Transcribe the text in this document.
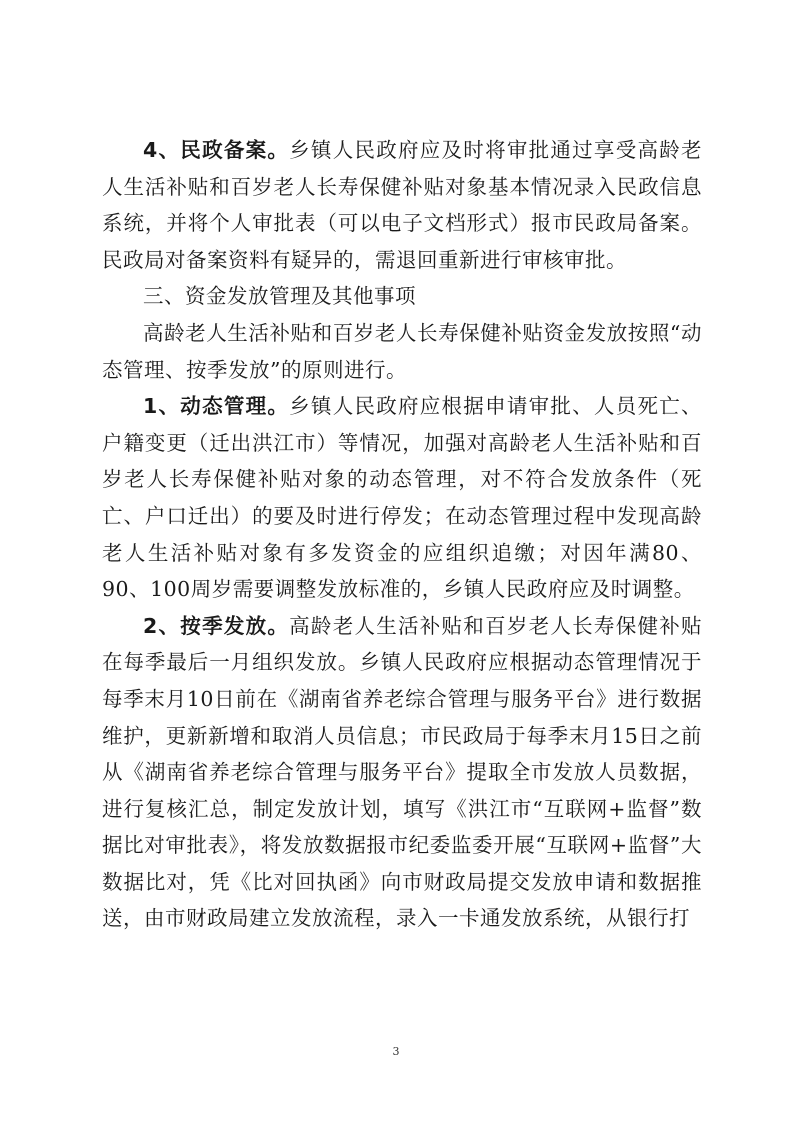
4、民政备案。乡镇人民政府应及时将审批通过享受高龄老人生活补贴和百岁老人长寿保健补贴对象基本情况录入民政信息系统，并将个人审批表（可以电子文档形式）报市民政局备案。民政局对备案资料有疑异的，需退回重新进行审核审批。

三、资金发放管理及其他事项

高龄老人生活补贴和百岁老人长寿保健补贴资金发放按照“动态管理、按季发放”的原则进行。

1、动态管理。乡镇人民政府应根据申请审批、人员死亡、户籍变更（迁出洪江市）等情况，加强对高龄老人生活补贴和百岁老人长寿保健补贴对象的动态管理，对不符合发放条件（死亡、户口迁出）的要及时进行停发；在动态管理过程中发现高龄老人生活补贴对象有多发资金的应组织追缴；对因年满80、90、100周岁需要调整发放标准的，乡镇人民政府应及时调整。

2、按季发放。高龄老人生活补贴和百岁老人长寿保健补贴在每季最后一月组织发放。乡镇人民政府应根据动态管理情况于每季末月10日前在《湖南省养老综合管理与服务平台》进行数据维护，更新新增和取消人员信息；市民政局于每季末月15日之前从《湖南省养老综合管理与服务平台》提取全市发放人员数据，进行复核汇总，制定发放计划，填写《洪江市“互联网+监督”数据比对审批表》，将发放数据报市纪委监委开展“互联网+监督”大数据比对，凭《比对回执函》向市财政局提交发放申请和数据推送，由市财政局建立发放流程，录入一卡通发放系统，从银行打

3
